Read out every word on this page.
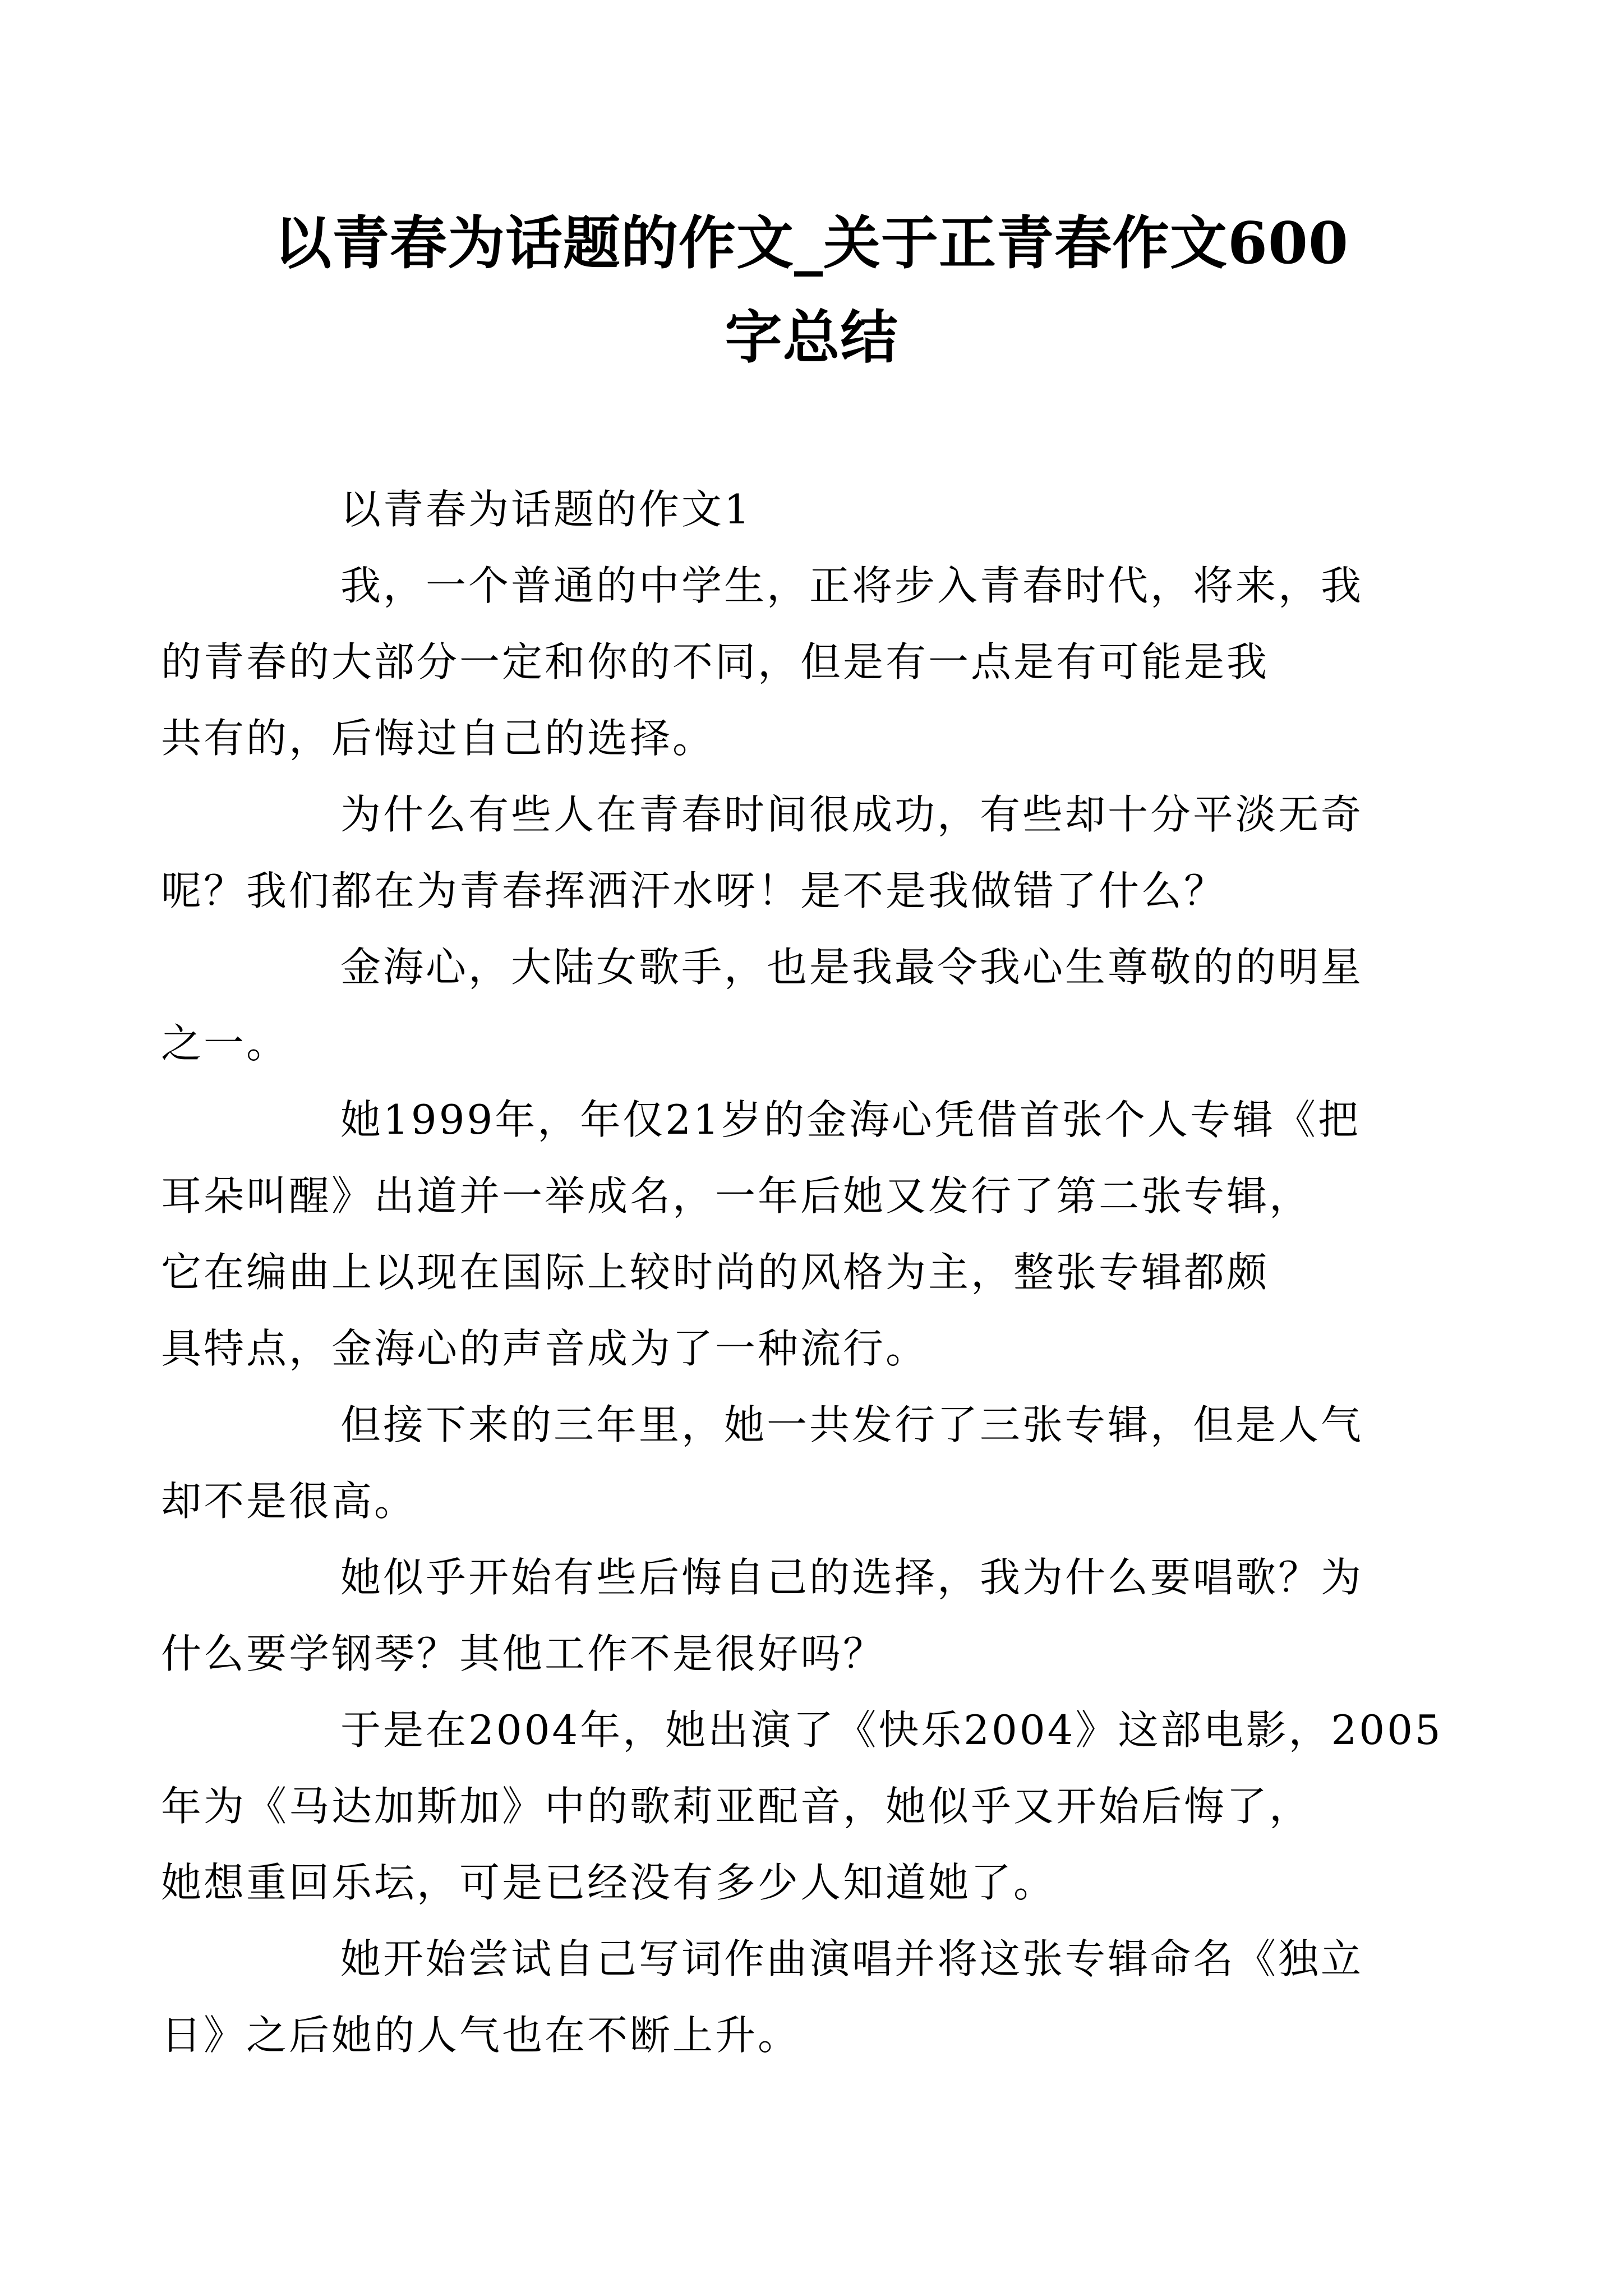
以青春为话题的作文_关于正青春作文600
字总结

以青春为话题的作文1

我，一个普通的中学生，正将步入青春时代，将来，我
的青春的大部分一定和你的不同，但是有一点是有可能是我
共有的，后悔过自己的选择。

为什么有些人在青春时间很成功，有些却十分平淡无奇
呢？我们都在为青春挥洒汗水呀！是不是我做错了什么？

金海心，大陆女歌手，也是我最令我心生尊敬的的明星
之一。

她1999年，年仅21岁的金海心凭借首张个人专辑《把
耳朵叫醒》出道并一举成名，一年后她又发行了第二张专辑，
它在编曲上以现在国际上较时尚的风格为主，整张专辑都颇
具特点，金海心的声音成为了一种流行。

但接下来的三年里，她一共发行了三张专辑，但是人气
却不是很高。

她似乎开始有些后悔自己的选择，我为什么要唱歌？为
什么要学钢琴？其他工作不是很好吗？

于是在2004年，她出演了《快乐2004》这部电影，2005
年为《马达加斯加》中的歌莉亚配音，她似乎又开始后悔了，
她想重回乐坛，可是已经没有多少人知道她了。

她开始尝试自己写词作曲演唱并将这张专辑命名《独立
日》之后她的人气也在不断上升。
